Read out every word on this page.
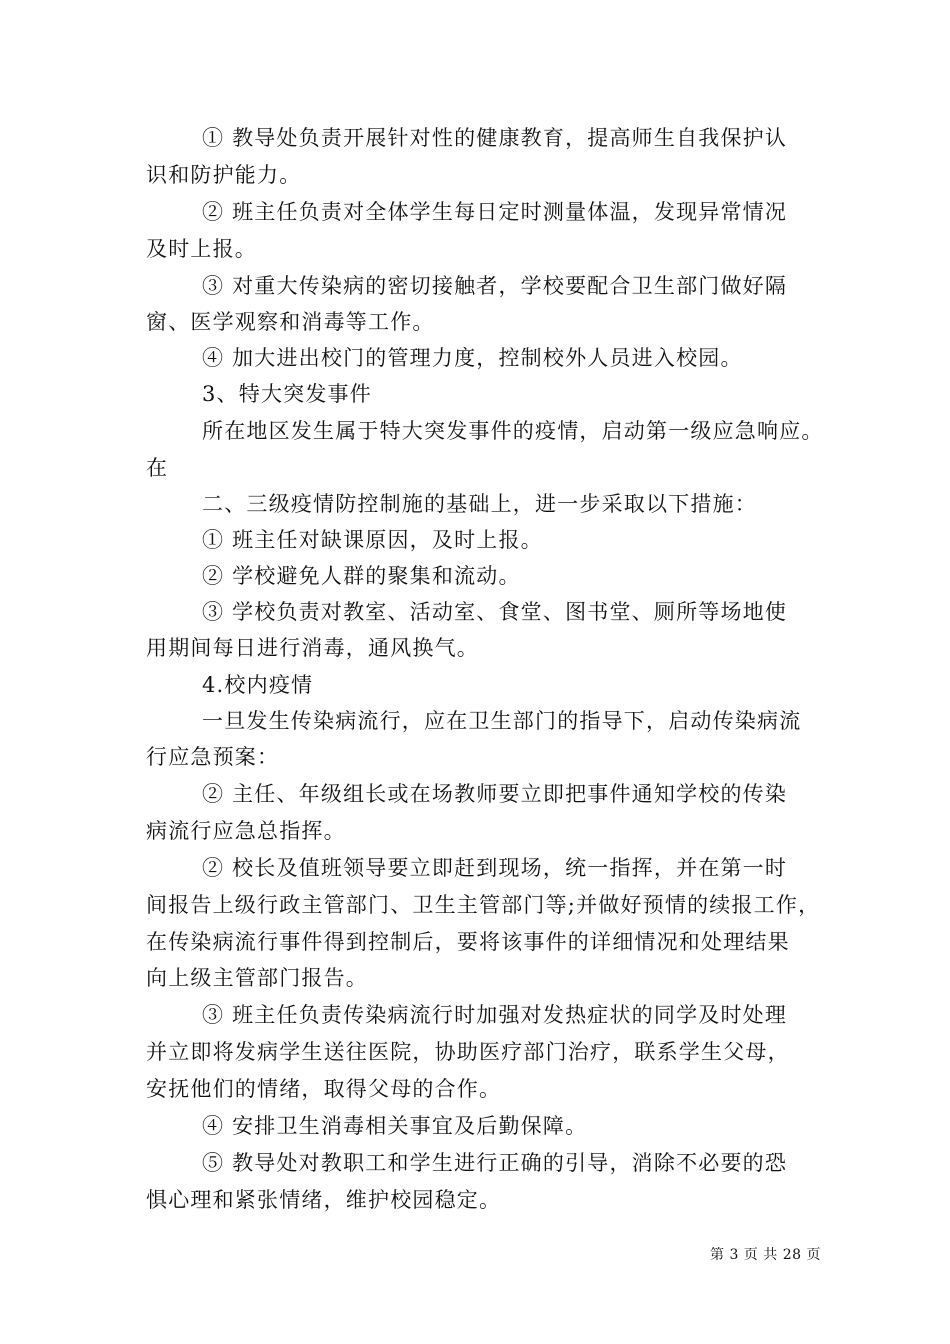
① 教导处负责开展针对性的健康教育，提高师生自我保护认
识和防护能力。
② 班主任负责对全体学生每日定时测量体温，发现异常情况
及时上报。
③ 对重大传染病的密切接触者，学校要配合卫生部门做好隔
窗、医学观察和消毒等工作。
④ 加大进出校门的管理力度，控制校外人员进入校园。
3、特大突发事件
所在地区发生属于特大突发事件的疫情，启动第一级应急响应。
在
二、三级疫情防控制施的基础上，进一步采取以下措施：
① 班主任对缺课原因，及时上报。
② 学校避免人群的聚集和流动。
③ 学校负责对教室、活动室、食堂、图书堂、厕所等场地使
用期间每日进行消毒，通风换气。
4.校内疫情
一旦发生传染病流行，应在卫生部门的指导下，启动传染病流
行应急预案：
② 主任、年级组长或在场教师要立即把事件通知学校的传染
病流行应急总指挥。
② 校长及值班领导要立即赶到现场，统一指挥，并在第一时
间报告上级行政主管部门、卫生主管部门等;并做好预情的续报工作，
在传染病流行事件得到控制后，要将该事件的详细情况和处理结果
向上级主管部门报告。
③ 班主任负责传染病流行时加强对发热症状的同学及时处理
并立即将发病学生送往医院，协助医疗部门治疗，联系学生父母，
安抚他们的情绪，取得父母的合作。
④ 安排卫生消毒相关事宜及后勤保障。
⑤ 教导处对教职工和学生进行正确的引导，消除不必要的恐
惧心理和紧张情绪，维护校园稳定。
第 3 页 共 28 页
